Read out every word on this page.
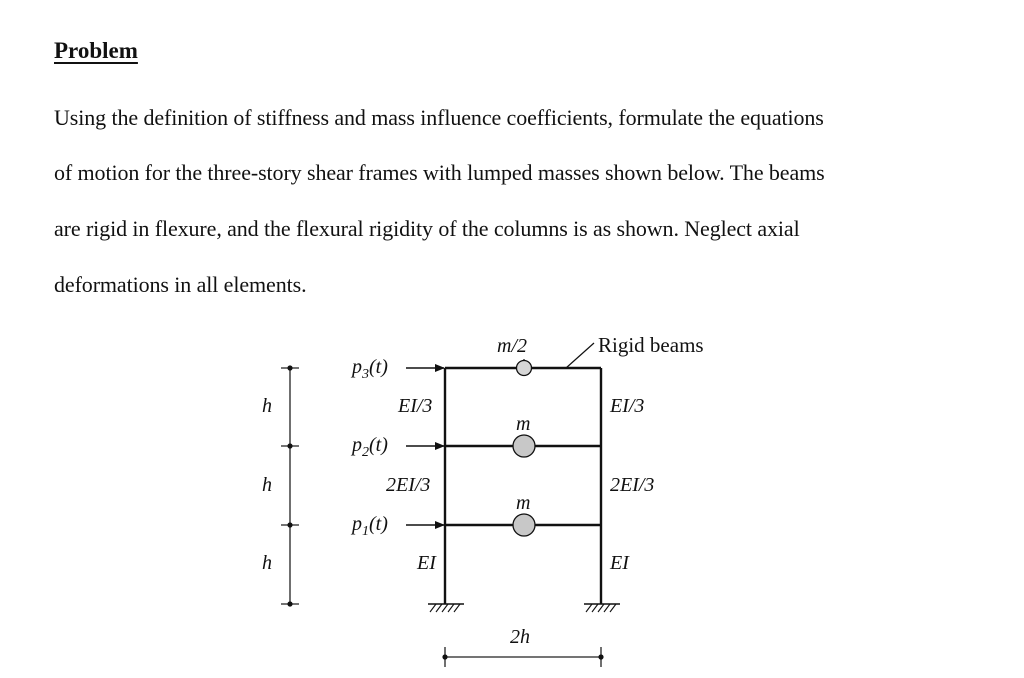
Problem
Using the definition of stiffness and mass influence coefficients, formulate the equations
of motion for the three-story shear frames with lumped masses shown below. The beams
are rigid in flexure, and the flexural rigidity of the columns is as shown. Neglect axial
deformations in all elements.
h
h
h
m/2
m
m
$p_3(t)$
$p_2(t)$
$p_1(t)$
EI/3
2EI/3
EI
EI/3
2EI/3
EI
Rigid beams
2h
